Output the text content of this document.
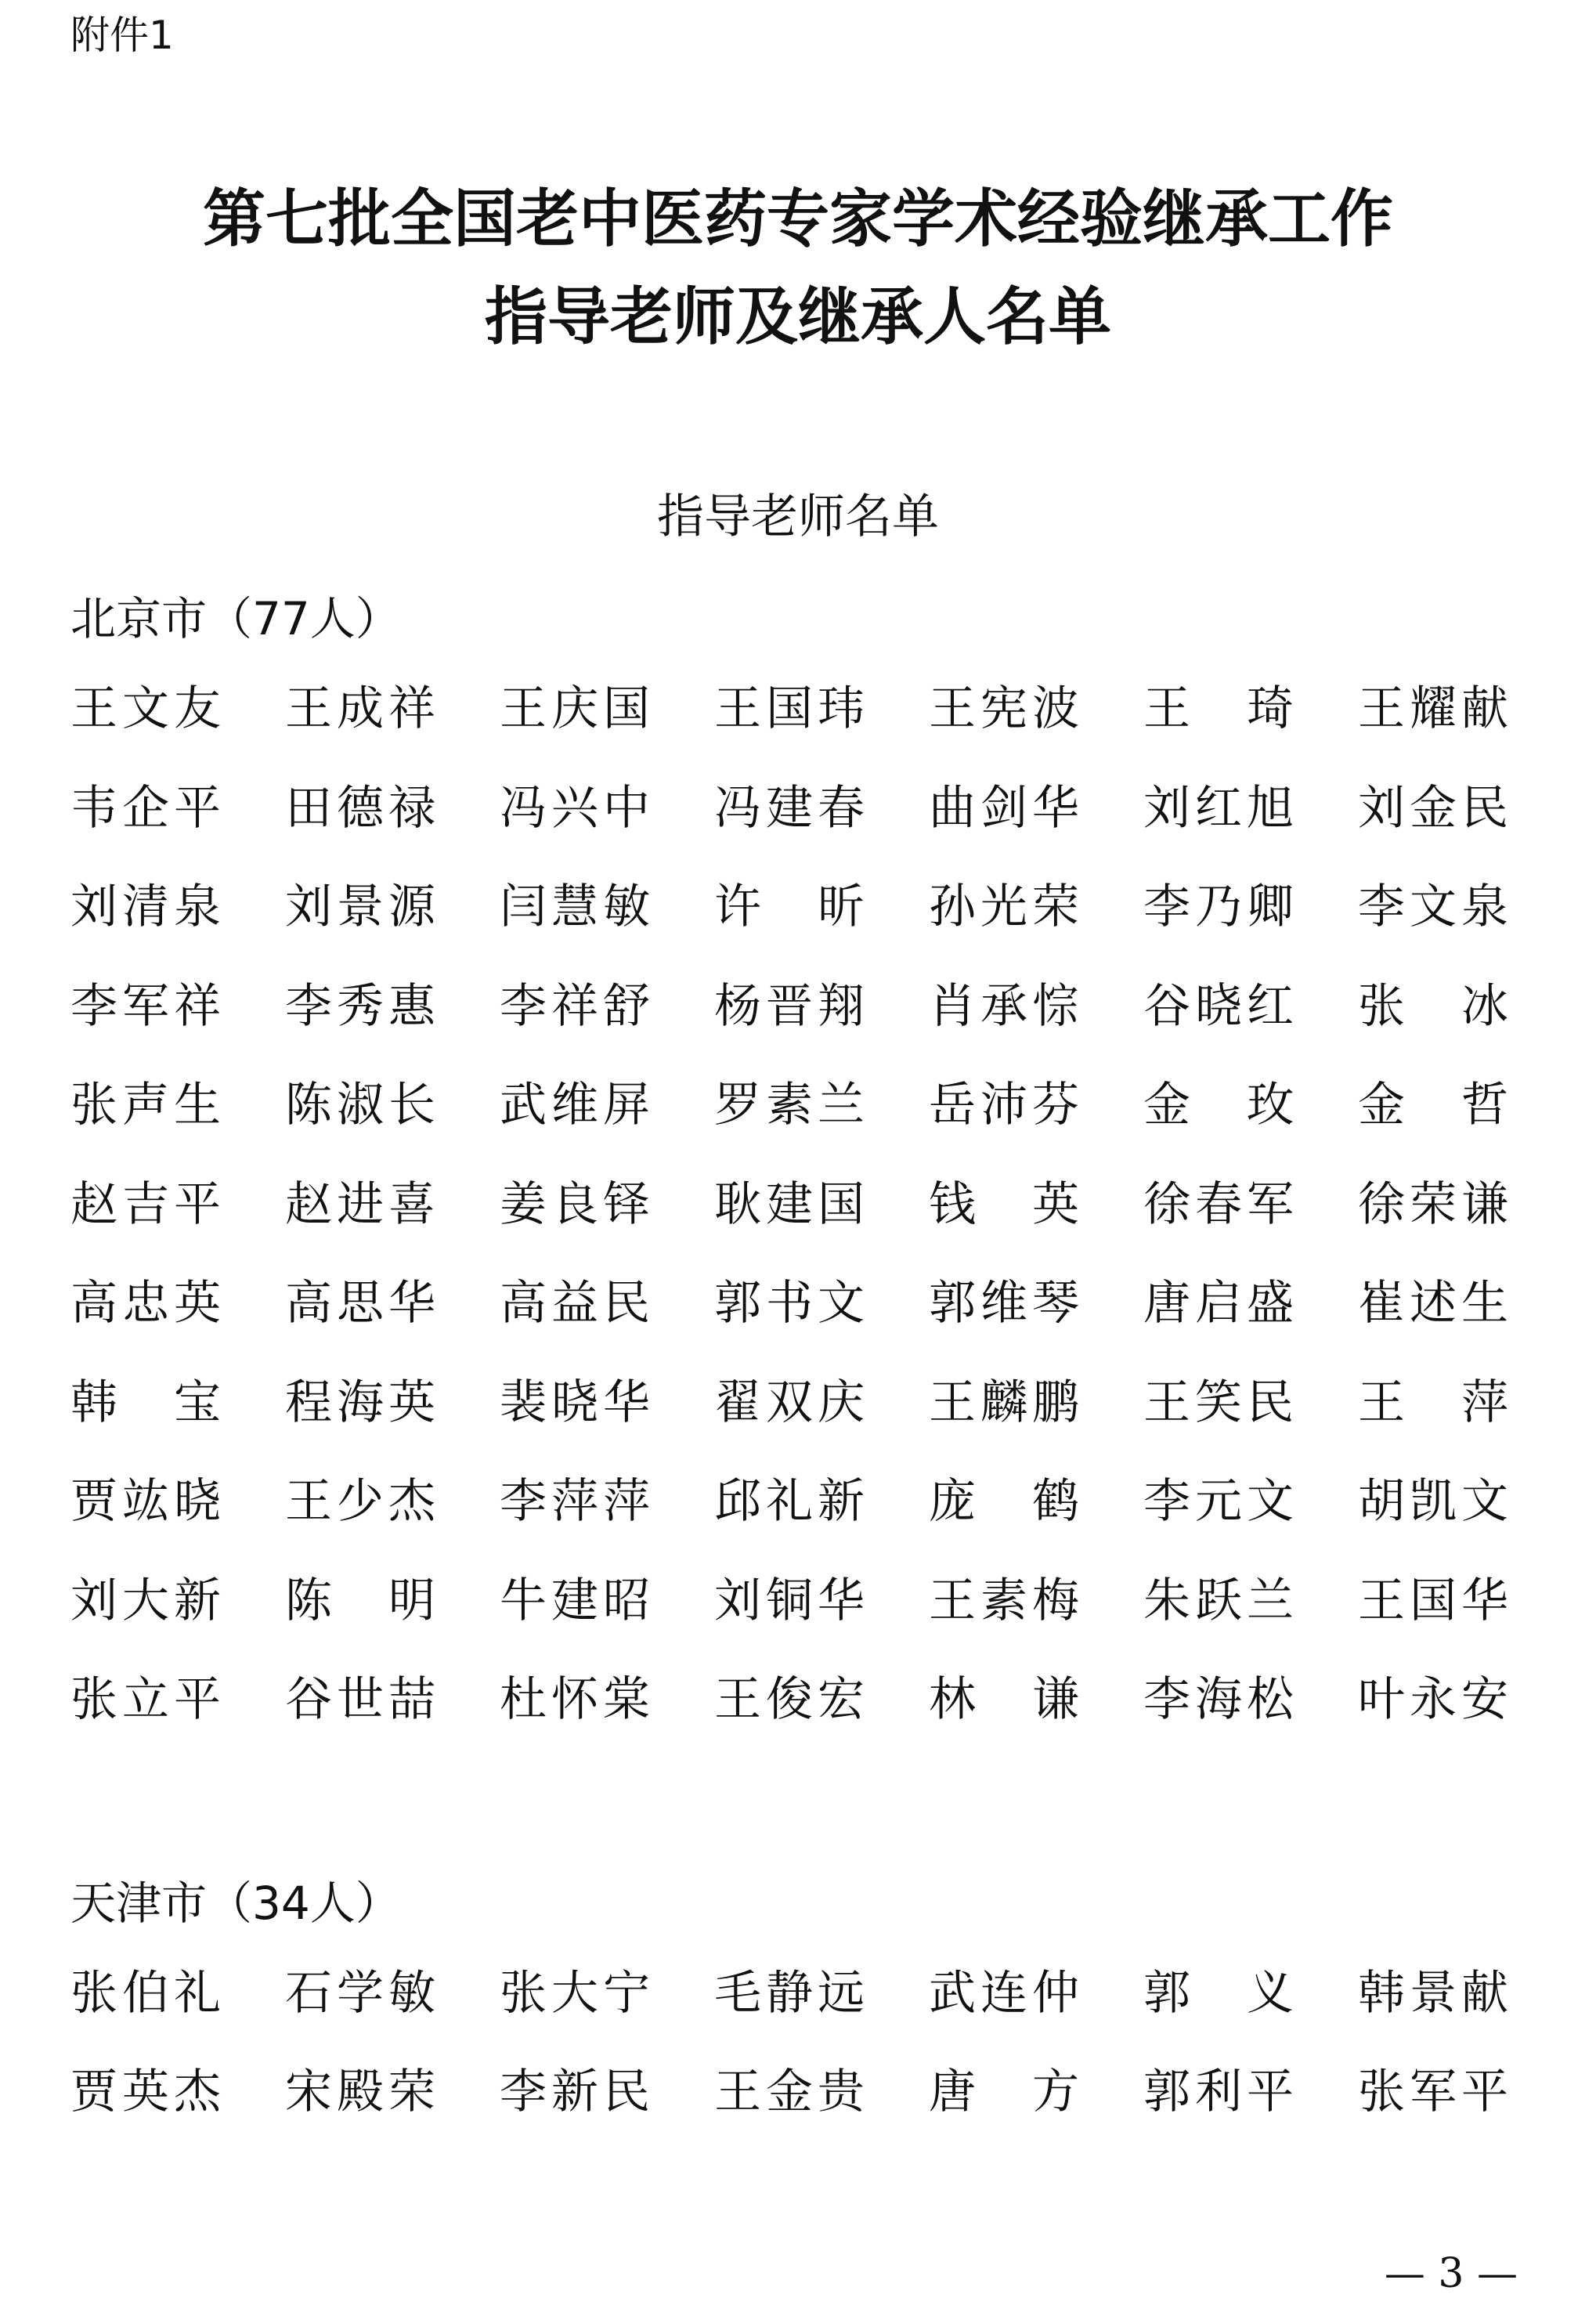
附件1
第七批全国老中医药专家学术经验继承工作
指导老师及继承人名单
指导老师名单
北京市（77人）
王 文 友 王 成 祥 王 庆 国 王 国 玮 王 宪 波 王 琦 王 耀 献
韦 企 平 田 德 禄 冯 兴 中 冯 建 春 曲 剑 华 刘 红 旭 刘 金 民
刘 清 泉 刘 景 源 闫 慧 敏 许 昕 孙 光 荣 李 乃 卿 李 文 泉
李 军 祥 李 秀 惠 李 祥 舒 杨 晋 翔 肖 承 悰 谷 晓 红 张 冰
张 声 生 陈 淑 长 武 维 屏 罗 素 兰 岳 沛 芬 金 玫 金 哲
赵 吉 平 赵 进 喜 姜 良 铎 耿 建 国 钱 英 徐 春 军 徐 荣 谦
高 忠 英 高 思 华 高 益 民 郭 书 文 郭 维 琴 唐 启 盛 崔 述 生
韩 宝 程 海 英 裴 晓 华 翟 双 庆 王 麟 鹏 王 笑 民 王 萍
贾 竑 晓 王 少 杰 李 萍 萍 邱 礼 新 庞 鹤 李 元 文 胡 凯 文
刘 大 新 陈 明 牛 建 昭 刘 铜 华 王 素 梅 朱 跃 兰 王 国 华
张 立 平 谷 世 喆 杜 怀 棠 王 俊 宏 林 谦 李 海 松 叶 永 安
天津市（34人）
张 伯 礼 石 学 敏 张 大 宁 毛 静 远 武 连 仲 郭 义 韩 景 献
贾 英 杰 宋 殿 荣 李 新 民 王 金 贵 唐 方 郭 利 平 张 军 平
— 3 —
